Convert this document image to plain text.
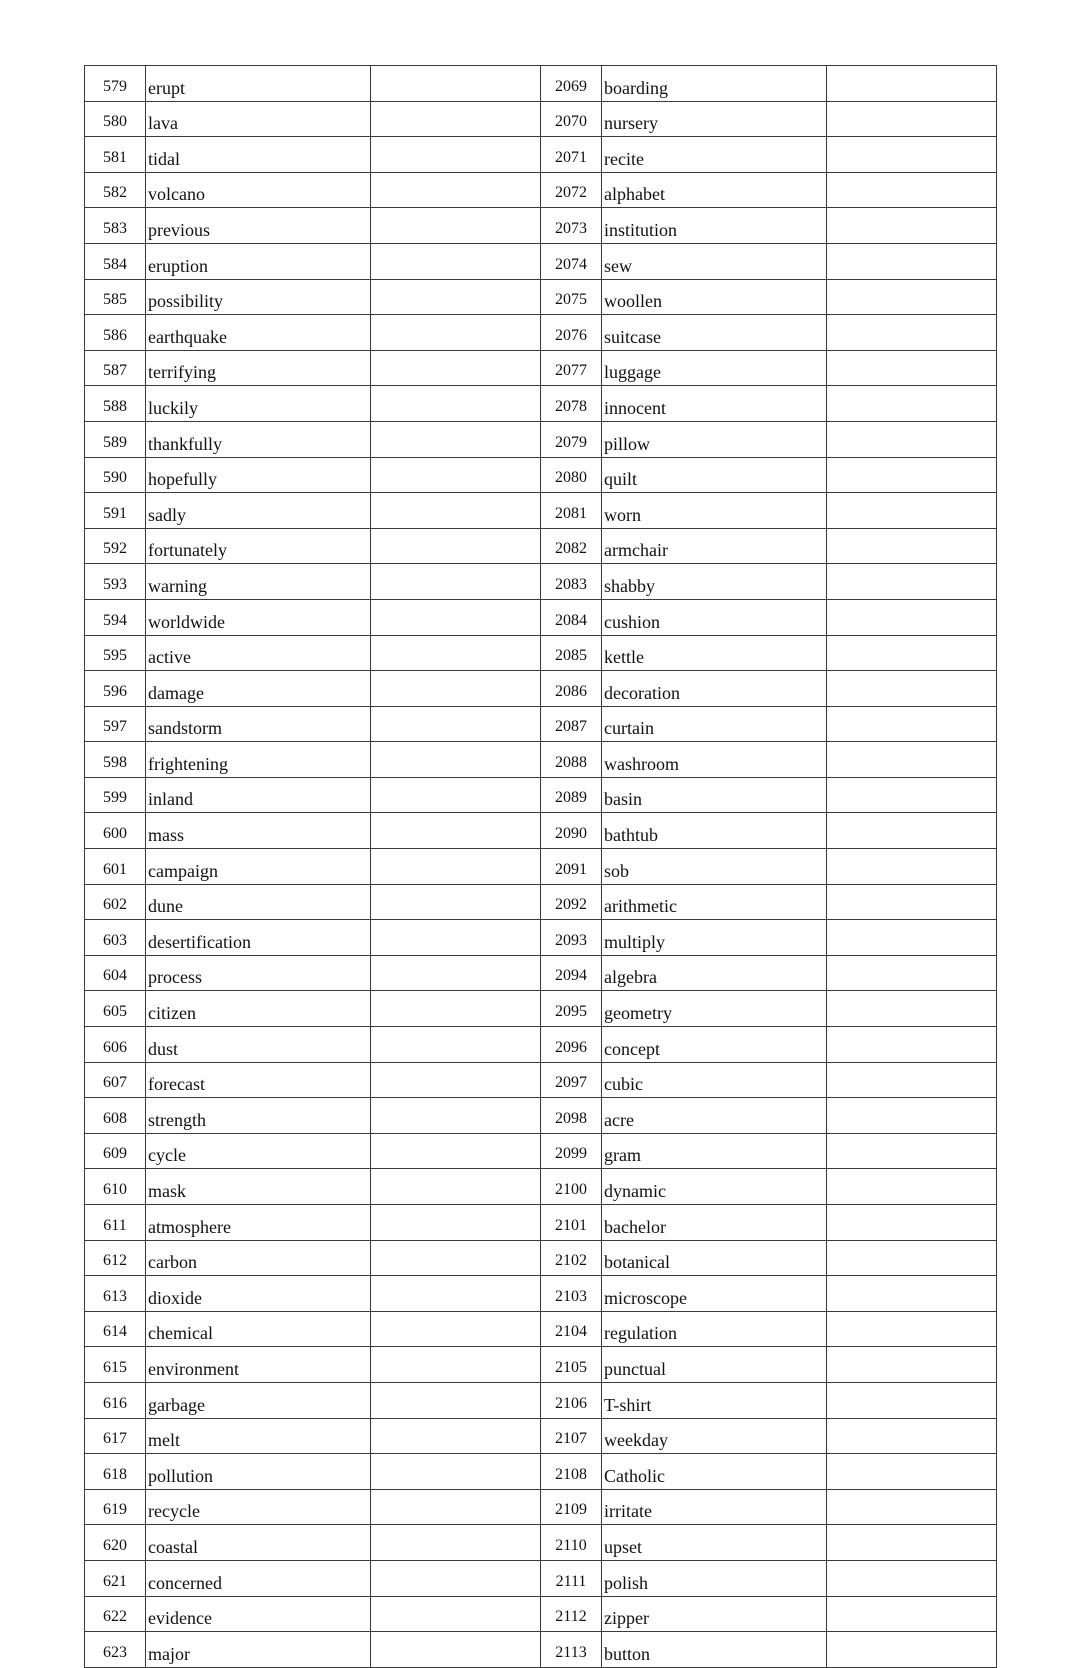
579	erupt		2069	boarding	
580	lava		2070	nursery	
581	tidal		2071	recite	
582	volcano		2072	alphabet	
583	previous		2073	institution	
584	eruption		2074	sew	
585	possibility		2075	woollen	
586	earthquake		2076	suitcase	
587	terrifying		2077	luggage	
588	luckily		2078	innocent	
589	thankfully		2079	pillow	
590	hopefully		2080	quilt	
591	sadly		2081	worn	
592	fortunately		2082	armchair	
593	warning		2083	shabby	
594	worldwide		2084	cushion	
595	active		2085	kettle	
596	damage		2086	decoration	
597	sandstorm		2087	curtain	
598	frightening		2088	washroom	
599	inland		2089	basin	
600	mass		2090	bathtub	
601	campaign		2091	sob	
602	dune		2092	arithmetic	
603	desertification		2093	multiply	
604	process		2094	algebra	
605	citizen		2095	geometry	
606	dust		2096	concept	
607	forecast		2097	cubic	
608	strength		2098	acre	
609	cycle		2099	gram	
610	mask		2100	dynamic	
611	atmosphere		2101	bachelor	
612	carbon		2102	botanical	
613	dioxide		2103	microscope	
614	chemical		2104	regulation	
615	environment		2105	punctual	
616	garbage		2106	T-shirt	
617	melt		2107	weekday	
618	pollution		2108	Catholic	
619	recycle		2109	irritate	
620	coastal		2110	upset	
621	concerned		2111	polish	
622	evidence		2112	zipper	
623	major		2113	button	
